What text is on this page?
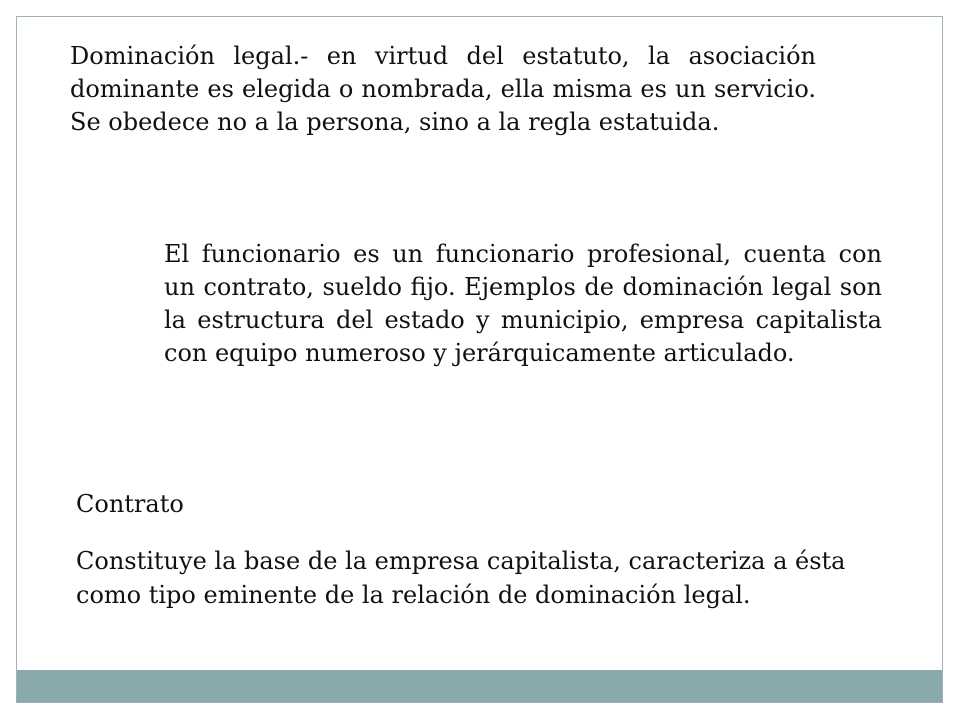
Dominación legal.- en virtud del estatuto, la asociación dominante es elegida o nombrada, ella misma es un servicio. Se obedece no a la persona, sino a la regla estatuida.

El funcionario es un funcionario profesional, cuenta con un contrato, sueldo fijo. Ejemplos de dominación legal son la estructura del estado y municipio, empresa capitalista con equipo numeroso y jerárquicamente articulado.

Contrato

Constituye la base de la empresa capitalista, caracteriza a ésta como tipo eminente de la relación de dominación legal.
